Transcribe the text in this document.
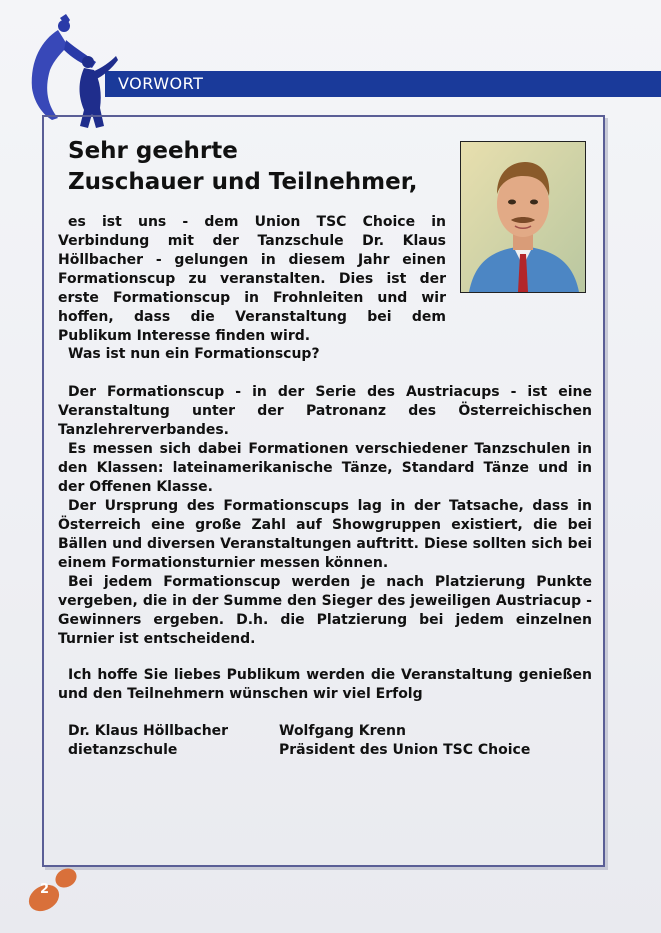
VORWORT
Sehr geehrte
Zuschauer und Teilnehmer,

es ist uns - dem Union TSC Choice in Verbindung mit der Tanzschule Dr. Klaus Höllbacher - gelungen in diesem Jahr einen Formationscup zu veranstalten. Dies ist der erste Formationscup in Frohnleiten und wir hoffen, dass die Veranstaltung bei dem Publikum Interesse finden wird.

Was ist nun ein Formationscup?

Der Formationscup - in der Serie des Austriacups - ist eine Veranstaltung unter der Patronanz des Österreichischen Tanzlehrerverbandes.
Es messen sich dabei Formationen verschiedener Tanzschulen in den Klassen: lateinamerikanische Tänze, Standard Tänze und in der Offenen Klasse.
Der Ursprung des Formationscups lag in der Tatsache, dass in Österreich eine große Zahl auf Showgruppen existiert, die bei Bällen und diversen Veranstaltungen auftritt. Diese sollten sich bei einem Formationsturnier messen können.
Bei jedem Formationscup werden je nach Platzierung Punkte vergeben, die in der Summe den Sieger des jeweiligen Austriacup - Gewinners ergeben. D.h. die Platzierung bei jedem einzelnen Turnier ist entscheidend.

Ich hoffe Sie liebes Publikum werden die Veranstaltung genießen und den Teilnehmern wünschen wir viel Erfolg

Dr. Klaus Höllbacher
dietanzschule
Wolfgang Krenn
Präsident des Union TSC Choice
2
